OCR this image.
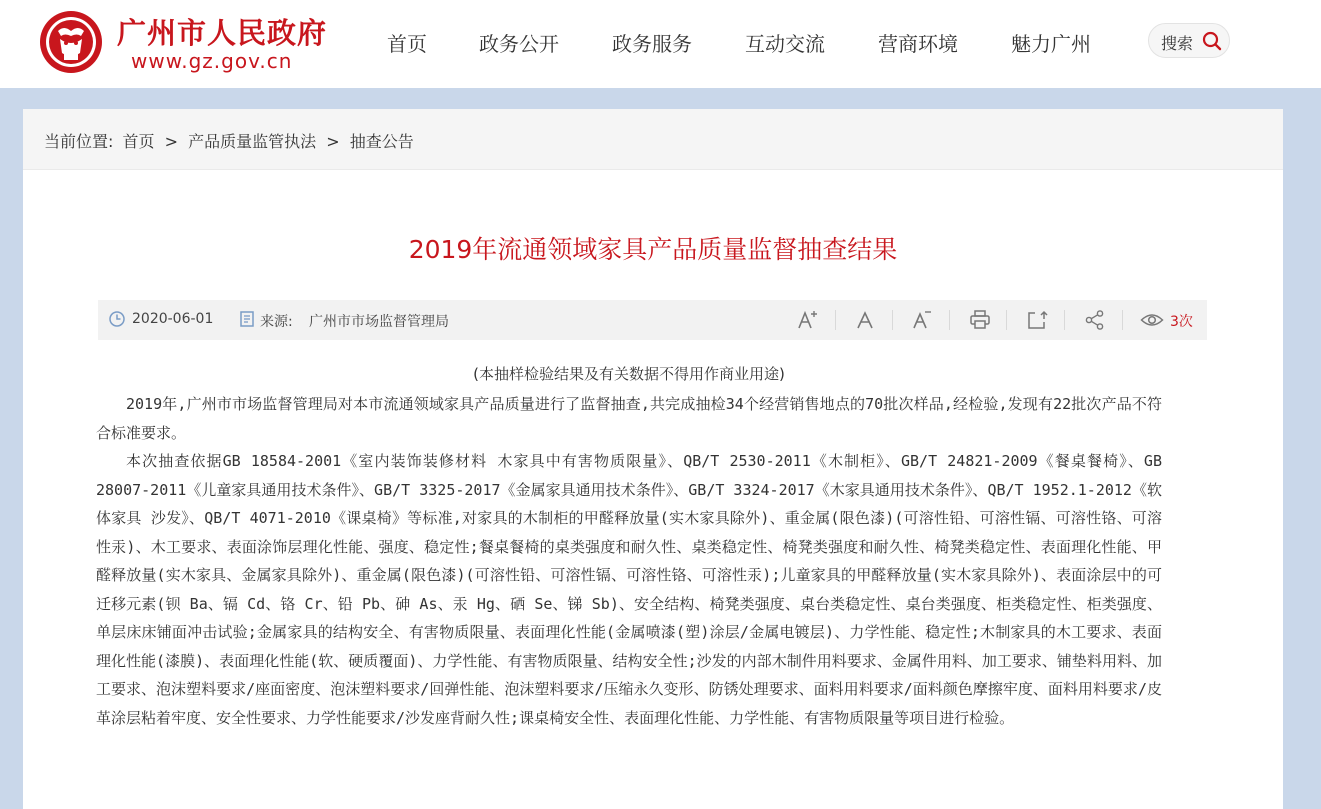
广州市人民政府
www.gz.gov.cn
首页	政务公开	政务服务	互动交流	营商环境	魅力广州	搜索
当前位置: 首页 > 产品质量监管执法 > 抽查公告
2019年流通领域家具产品质量监督抽查结果
2020-06-01	来源: 广州市市场监督管理局	3次
(本抽样检验结果及有关数据不得用作商业用途)

2019年,广州市市场监督管理局对本市流通领域家具产品质量进行了监督抽查,共完成抽检34个经营销售地点的70批次样品,经检验,发现有22批次产品不符合标准要求。

本次抽查依据GB 18584-2001《室内装饰装修材料 木家具中有害物质限量》、QB/T 2530-2011《木制柜》、GB/T 24821-2009《餐桌餐椅》、GB 28007-2011《儿童家具通用技术条件》、GB/T 3325-2017《金属家具通用技术条件》、GB/T 3324-2017《木家具通用技术条件》、QB/T 1952.1-2012《软体家具 沙发》、QB/T 4071-2010《课桌椅》等标准,对家具的木制柜的甲醛释放量(实木家具除外)、重金属(限色漆)(可溶性铅、可溶性镉、可溶性铬、可溶性汞)、木工要求、表面涂饰层理化性能、强度、稳定性;餐桌餐椅的桌类强度和耐久性、桌类稳定性、椅凳类强度和耐久性、椅凳类稳定性、表面理化性能、甲醛释放量(实木家具、金属家具除外)、重金属(限色漆)(可溶性铅、可溶性镉、可溶性铬、可溶性汞);儿童家具的甲醛释放量(实木家具除外)、表面涂层中的可迁移元素(钡 Ba、镉 Cd、铬 Cr、铅 Pb、砷 As、汞 Hg、硒 Se、锑 Sb)、安全结构、椅凳类强度、桌台类稳定性、桌台类强度、柜类稳定性、柜类强度、单层床床铺面冲击试验;金属家具的结构安全、有害物质限量、表面理化性能(金属喷漆(塑)涂层/金属电镀层)、力学性能、稳定性;木制家具的木工要求、表面理化性能(漆膜)、表面理化性能(软、硬质覆面)、力学性能、有害物质限量、结构安全性;沙发的内部木制件用料要求、金属件用料、加工要求、铺垫料用料、加工要求、泡沫塑料要求/座面密度、泡沫塑料要求/回弹性能、泡沫塑料要求/压缩永久变形、防锈处理要求、面料用料要求/面料颜色摩擦牢度、面料用料要求/皮革涂层粘着牢度、安全性要求、力学性能要求/沙发座背耐久性;课桌椅安全性、表面理化性能、力学性能、有害物质限量等项目进行检验。
